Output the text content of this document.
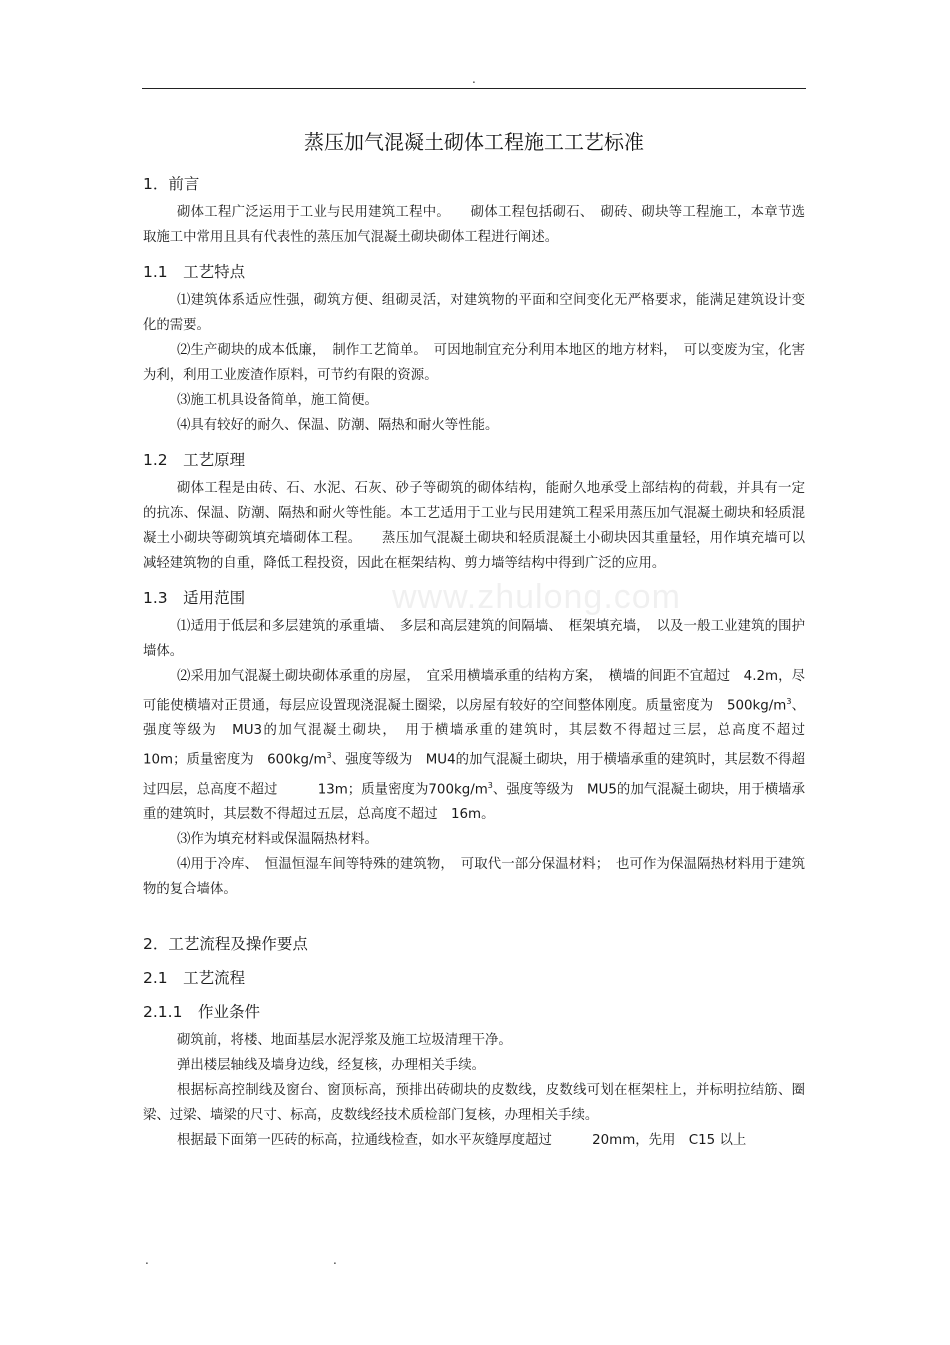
.
www.zhulong.com
蒸压加气混凝土砌体工程施工工艺标准
1．前言

砌体工程广泛运用于工业与民用建筑工程中。　　砌体工程包括砌石、　砌砖、砌块等工程施工，本章节选取施工中常用且具有代表性的蒸压加气混凝土砌块砌体工程进行阐述。

1.1　工艺特点

⑴建筑体系适应性强，砌筑方便、组砌灵活，对建筑物的平面和空间变化无严格要求，能满足建筑设计变化的需要。

⑵生产砌块的成本低廉，　制作工艺简单。　可因地制宜充分利用本地区的地方材料，　可以变废为宝，化害为利，利用工业废渣作原料，可节约有限的资源。

⑶施工机具设备简单，施工简便。

⑷具有较好的耐久、保温、防潮、隔热和耐火等性能。

1.2　工艺原理

砌体工程是由砖、石、水泥、石灰、砂子等砌筑的砌体结构，能耐久地承受上部结构的荷载，并具有一定的抗冻、保温、防潮、隔热和耐火等性能。本工艺适用于工业与民用建筑工程采用蒸压加气混凝土砌块和轻质混凝土小砌块等砌筑填充墙砌体工程。　　蒸压加气混凝土砌块和轻质混凝土小砌块因其重量轻，用作填充墙可以减轻建筑物的自重，降低工程投资，因此在框架结构、剪力墙等结构中得到广泛的应用。

1.3　适用范围

⑴适用于低层和多层建筑的承重墙、　多层和高层建筑的间隔墙、　框架填充墙，　以及一般工业建筑的围护墙体。

⑵采用加气混凝土砌块砌体承重的房屋，　宜采用横墙承重的结构方案，　横墙的间距不宜超过　4.2m，尽可能使横墙对正贯通，每层应设置现浇混凝土圈梁，以房屋有较好的空间整体刚度。质量密度为　$500kg/m^3$、强度等级为　MU3的加气混凝土砌块，　用于横墙承重的建筑时，其层数不得超过三层，总高度不超过　　10m；质量密度为　$600kg/m^3$、强度等级为　MU4的加气混凝土砌块，用于横墙承重的建筑时，其层数不得超过四层，总高度不超过　　　13m；质量密度为$700kg/m^3$、强度等级为　MU5的加气混凝土砌块，用于横墙承重的建筑时，其层数不得超过五层，总高度不超过　16m。

⑶作为填充材料或保温隔热材料。

⑷用于冷库、　恒温恒湿车间等特殊的建筑物，　可取代一部分保温材料；　也可作为保温隔热材料用于建筑物的复合墙体。

2．工艺流程及操作要点
2.1　工艺流程
2.1.1　作业条件

砌筑前，将楼、地面基层水泥浮浆及施工垃圾清理干净。

弹出楼层轴线及墙身边线，经复核，办理相关手续。

根据标高控制线及窗台、窗顶标高，预排出砖砌块的皮数线，皮数线可划在框架柱上，并标明拉结筋、圈梁、过梁、墙梁的尺寸、标高，皮数线经技术质检部门复核，办理相关手续。

根据最下面第一匹砖的标高，拉通线检查，如水平灰缝厚度超过　　　20mm，先用　C15 以上

.	.
